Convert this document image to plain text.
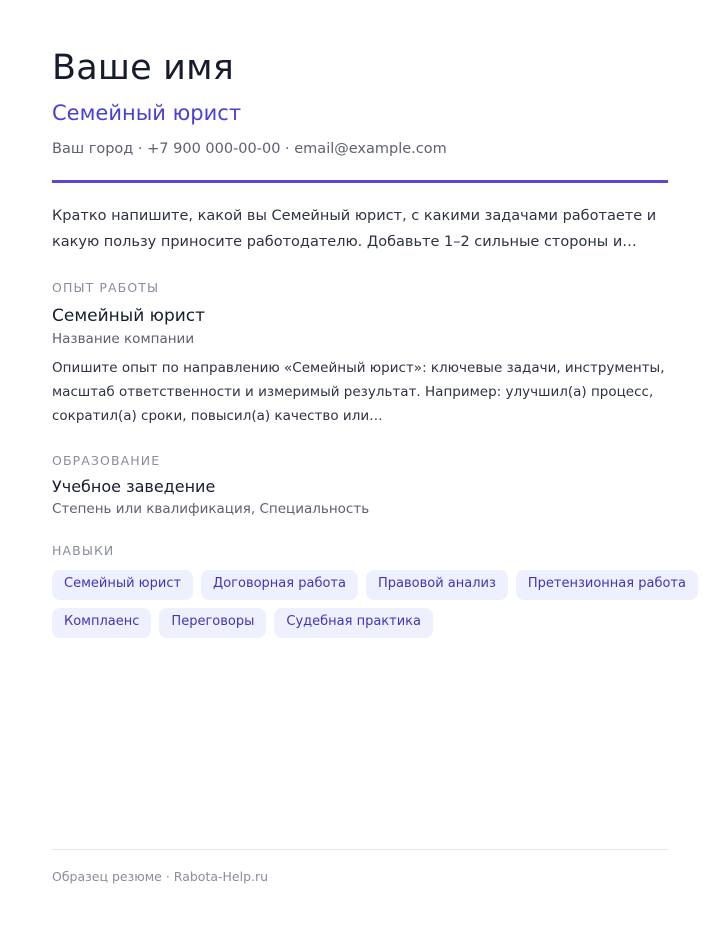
Ваше имя
Семейный юрист
Ваш город · +7 900 000-00-00 · email@example.com

Кратко напишите, какой вы Семейный юрист, с какими задачами работаете и какую пользу приносите работодателю. Добавьте 1–2 сильные стороны и…

ОПЫТ РАБОТЫ
Семейный юрист
Название компании

Опишите опыт по направлению «Семейный юрист»: ключевые задачи, инструменты, масштаб ответственности и измеримый результат. Например: улучшил(а) процесс, сократил(а) сроки, повысил(а) качество или…

ОБРАЗОВАНИЕ
Учебное заведение
Степень или квалификация, Специальность
НАВЫКИ
Семейный юрист	Договорная работа	Правовой анализ	Претензионная работа
Комплаенс	Переговоры	Судебная практика
Образец резюме · Rabota-Help.ru
